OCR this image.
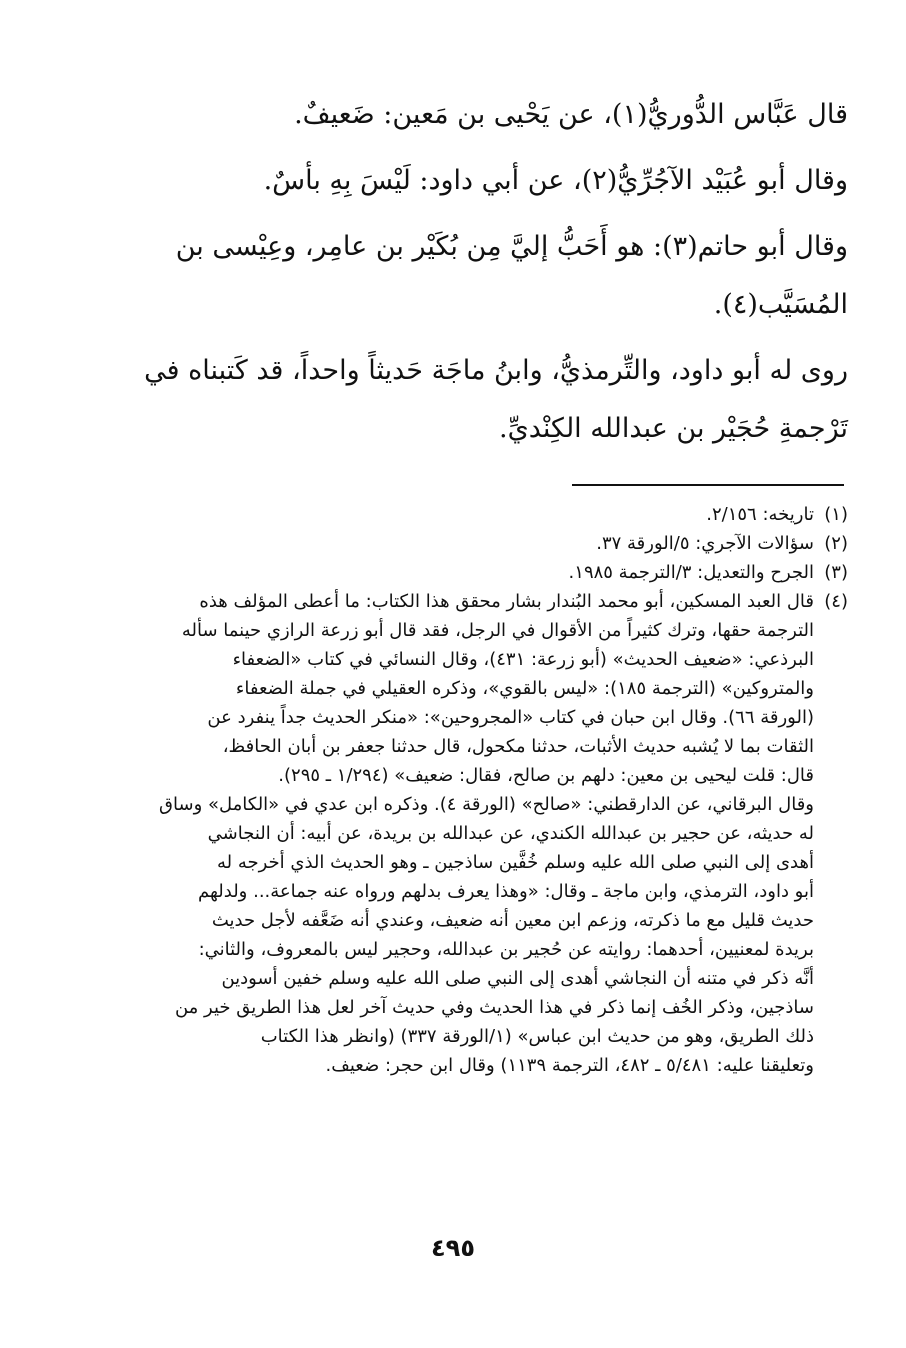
قال عَبَّاس الدُّوريُّ(١)، عن يَحْيى بن مَعين: ضَعيفٌ.

وقال أبو عُبَيْد الآجُرِّيُّ(٢)، عن أبي داود: لَيْسَ بِهِ بأسٌ.

وقال أبو حاتم(٣): هو أَحَبُّ إليَّ مِن بُكَيْر بن عامِر، وعِيْسى بن
المُسَيَّب(٤).

روى له أبو داود، والتِّرمذيُّ، وابنُ ماجَة حَديثاً واحداً، قد كَتبناه في
تَرْجمةِ حُجَيْر بن عبدالله الكِنْديِّ.

(١)
تاريخه: ٢/١٥٦.
(٢)
سؤالات الآجري: ٥/الورقة ٣٧.
(٣)
الجرح والتعديل: ٣/الترجمة ١٩٨٥.
(٤)
قال العبد المسكين، أبو محمد البُندار بشار محقق هذا الكتاب: ما أعطى المؤلف هذه
الترجمة حقها، وترك كثيراً من الأقوال في الرجل، فقد قال أبو زرعة الرازي حينما سأله
البرذعي: «ضعيف الحديث» (أبو زرعة: ٤٣١)، وقال النسائي في كتاب «الضعفاء
والمتروكين» (الترجمة ١٨٥): «ليس بالقوي»، وذكره العقيلي في جملة الضعفاء
(الورقة ٦٦). وقال ابن حبان في كتاب «المجروحين»: «منكر الحديث جداً ينفرد عن
الثقات بما لا يُشبه حديث الأثبات، حدثنا مكحول، قال حدثنا جعفر بن أبان الحافظ،
قال: قلت ليحيى بن معين: دلهم بن صالح، فقال: ضعيف» (١/٢٩٤ ـ ٢٩٥).
وقال البرقاني، عن الدارقطني: «صالح» (الورقة ٤). وذكره ابن عدي في «الكامل» وساق
له حديثه، عن حجير بن عبدالله الكندي، عن عبدالله بن بريدة، عن أبيه: أن النجاشي
أهدى إلى النبي صلى الله عليه وسلم خُفَّين ساذجين ـ وهو الحديث الذي أخرجه له
أبو داود، الترمذي، وابن ماجة ـ وقال: «وهذا يعرف بدلهم ورواه عنه جماعة... ولدلهم
حديث قليل مع ما ذكرته، وزعم ابن معين أنه ضعيف، وعندي أنه ضَعَّفه لأجل حديث
بريدة لمعنيين، أحدهما: روايته عن حُجير بن عبدالله، وحجير ليس بالمعروف، والثاني:
أنَّه ذكر في متنه أن النجاشي أهدى إلى النبي صلى الله عليه وسلم خفين أسودين
ساذجين، وذكر الخُف إنما ذكر في هذا الحديث وفي حديث آخر لعل هذا الطريق خير من
ذلك الطريق، وهو من حديث ابن عباس» (١/الورقة ٣٣٧) (وانظر هذا الكتاب
وتعليقنا عليه: ٥/٤٨١ ـ ٤٨٢، الترجمة ١١٣٩) وقال ابن حجر: ضعيف.
٤٩٥
